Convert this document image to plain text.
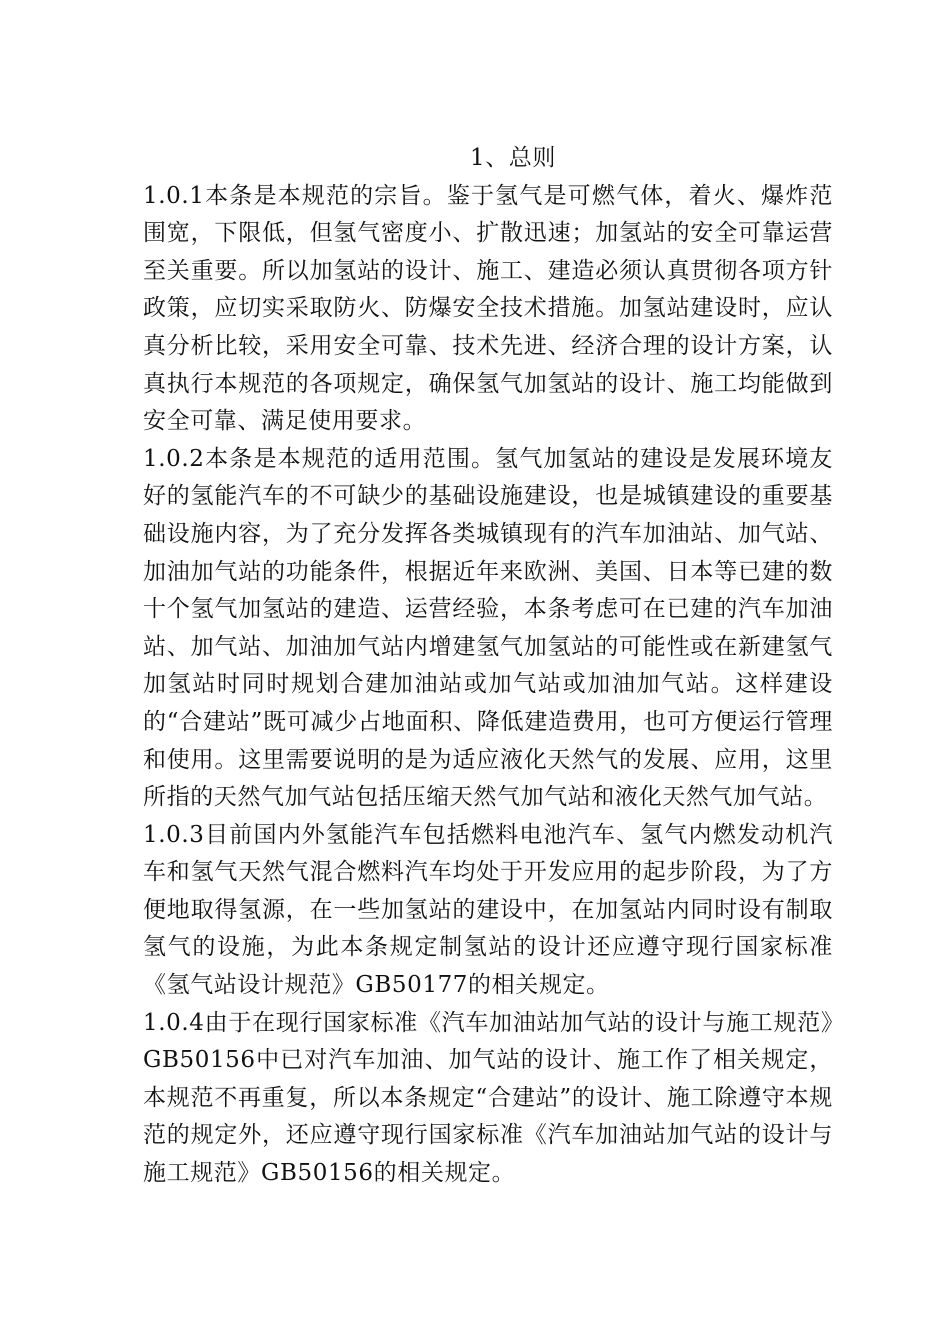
1、总则

1.0.1本条是本规范的宗旨。鉴于氢气是可燃气体，着火、爆炸范围宽，下限低，但氢气密度小、扩散迅速；加氢站的安全可靠运营至关重要。所以加氢站的设计、施工、建造必须认真贯彻各项方针政策，应切实采取防火、防爆安全技术措施。加氢站建设时，应认真分析比较，采用安全可靠、技术先进、经济合理的设计方案，认真执行本规范的各项规定，确保氢气加氢站的设计、施工均能做到安全可靠、满足使用要求。

1.0.2本条是本规范的适用范围。氢气加氢站的建设是发展环境友好的氢能汽车的不可缺少的基础设施建设，也是城镇建设的重要基础设施内容，为了充分发挥各类城镇现有的汽车加油站、加气站、加油加气站的功能条件，根据近年来欧洲、美国、日本等已建的数十个氢气加氢站的建造、运营经验，本条考虑可在已建的汽车加油站、加气站、加油加气站内增建氢气加氢站的可能性或在新建氢气加氢站时同时规划合建加油站或加气站或加油加气站。这样建设的“合建站”既可减少占地面积、降低建造费用，也可方便运行管理和使用。这里需要说明的是为适应液化天然气的发展、应用，这里所指的天然气加气站包括压缩天然气加气站和液化天然气加气站。

1.0.3目前国内外氢能汽车包括燃料电池汽车、氢气内燃发动机汽车和氢气天然气混合燃料汽车均处于开发应用的起步阶段，为了方便地取得氢源，在一些加氢站的建设中，在加氢站内同时设有制取氢气的设施，为此本条规定制氢站的设计还应遵守现行国家标准《氢气站设计规范》GB50177的相关规定。

1.0.4由于在现行国家标准《汽车加油站加气站的设计与施工规范》GB50156中已对汽车加油、加气站的设计、施工作了相关规定，本规范不再重复，所以本条规定“合建站”的设计、施工除遵守本规范的规定外，还应遵守现行国家标准《汽车加油站加气站的设计与施工规范》GB50156的相关规定。
